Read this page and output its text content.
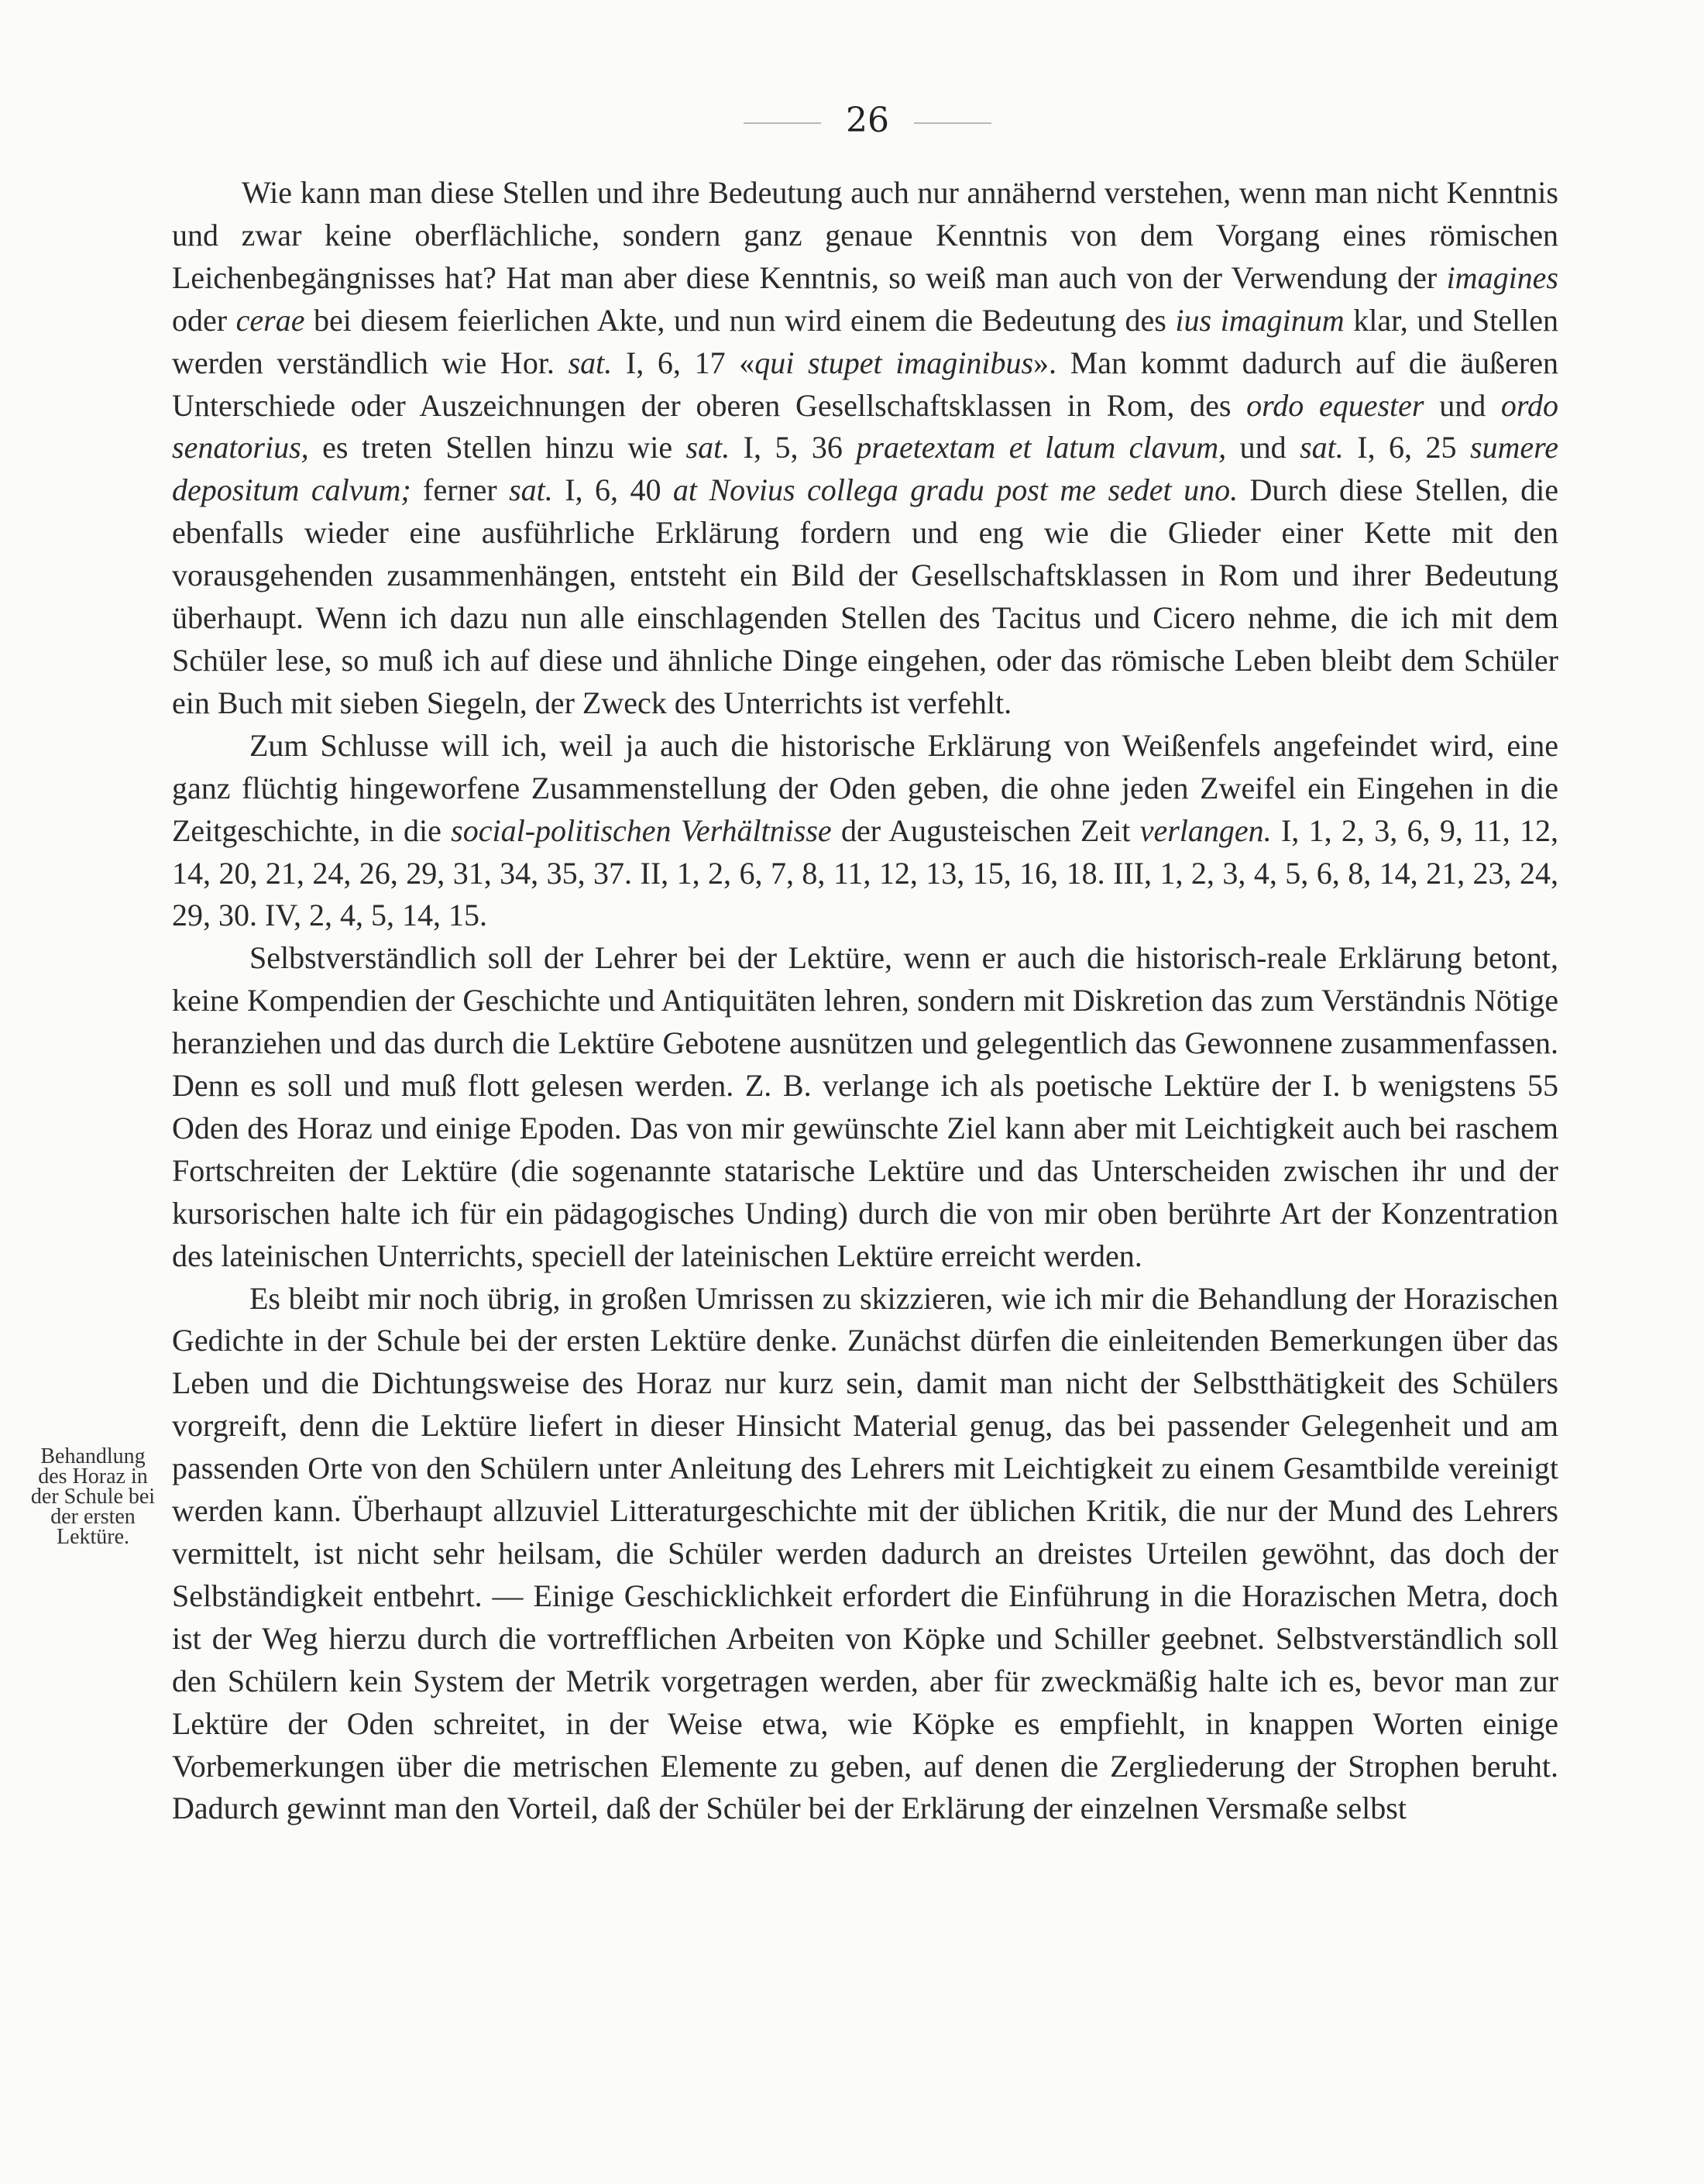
26

Wie kann man diese Stellen und ihre Bedeutung auch nur annähernd verstehen, wenn man nicht Kenntnis und zwar keine oberflächliche, sondern ganz genaue Kenntnis von dem Vorgang eines römischen Leichenbegängnisses hat? Hat man aber diese Kenntnis, so weiß man auch von der Verwendung der imagines oder cerae bei diesem feierlichen Akte, und nun wird einem die Bedeutung des ius imaginum klar, und Stellen werden verständlich wie Hor. sat. I, 6, 17 «qui stupet imaginibus». Man kommt dadurch auf die äußeren Unterschiede oder Auszeichnungen der oberen Gesellschaftsklassen in Rom, des ordo equester und ordo senatorius, es treten Stellen hinzu wie sat. I, 5, 36 praetextam et latum clavum, und sat. I, 6, 25 sumere depositum calvum; ferner sat. I, 6, 40 at Novius collega gradu post me sedet uno. Durch diese Stellen, die ebenfalls wieder eine ausführliche Erklärung fordern und eng wie die Glieder einer Kette mit den vorausgehenden zusammenhängen, entsteht ein Bild der Gesellschaftsklassen in Rom und ihrer Bedeutung überhaupt. Wenn ich dazu nun alle einschlagenden Stellen des Tacitus und Cicero nehme, die ich mit dem Schüler lese, so muß ich auf diese und ähnliche Dinge eingehen, oder das römische Leben bleibt dem Schüler ein Buch mit sieben Siegeln, der Zweck des Unterrichts ist verfehlt.

Zum Schlusse will ich, weil ja auch die historische Erklärung von Weißenfels angefeindet wird, eine ganz flüchtig hingeworfene Zusammenstellung der Oden geben, die ohne jeden Zweifel ein Eingehen in die Zeitgeschichte, in die social-politischen Verhältnisse der Augusteischen Zeit verlangen. I, 1, 2, 3, 6, 9, 11, 12, 14, 20, 21, 24, 26, 29, 31, 34, 35, 37. II, 1, 2, 6, 7, 8, 11, 12, 13, 15, 16, 18. III, 1, 2, 3, 4, 5, 6, 8, 14, 21, 23, 24, 29, 30. IV, 2, 4, 5, 14, 15.

Selbstverständlich soll der Lehrer bei der Lektüre, wenn er auch die historisch-reale Erklärung betont, keine Kompendien der Geschichte und Antiquitäten lehren, sondern mit Diskretion das zum Verständnis Nötige heranziehen und das durch die Lektüre Gebotene ausnützen und gelegentlich das Gewonnene zusammenfassen. Denn es soll und muß flott gelesen werden. Z. B. verlange ich als poetische Lektüre der I. b wenigstens 55 Oden des Horaz und einige Epoden. Das von mir gewünschte Ziel kann aber mit Leichtigkeit auch bei raschem Fortschreiten der Lektüre (die sogenannte statarische Lektüre und das Unterscheiden zwischen ihr und der kursorischen halte ich für ein pädagogisches Unding) durch die von mir oben berührte Art der Konzentration des lateinischen Unterrichts, speciell der lateinischen Lektüre erreicht werden.

Es bleibt mir noch übrig, in großen Umrissen zu skizzieren, wie ich mir die Behandlung der Horazischen Gedichte in der Schule bei der ersten Lektüre denke. Zunächst dürfen die einleitenden Bemerkungen über das Leben und die Dichtungsweise des Horaz nur kurz sein, damit man nicht der Selbstthätigkeit des Schülers vorgreift, denn die Lektüre liefert in dieser Hinsicht Material genug, das bei passender Gelegenheit und am passenden Orte von den Schülern unter Anleitung des Lehrers mit Leichtigkeit zu einem Gesamtbilde vereinigt werden kann. Überhaupt allzuviel Litteraturgeschichte mit der üblichen Kritik, die nur der Mund des Lehrers vermittelt, ist nicht sehr heilsam, die Schüler werden dadurch an dreistes Urteilen gewöhnt, das doch der Selbständigkeit entbehrt. — Einige Geschicklichkeit erfordert die Einführung in die Horazischen Metra, doch ist der Weg hierzu durch die vortrefflichen Arbeiten von Köpke und Schiller geebnet. Selbstverständlich soll den Schülern kein System der Metrik vorgetragen werden, aber für zweckmäßig halte ich es, bevor man zur Lektüre der Oden schreitet, in der Weise etwa, wie Köpke es empfiehlt, in knappen Worten einige Vorbemerkungen über die metrischen Elemente zu geben, auf denen die Zergliederung der Strophen beruht. Dadurch gewinnt man den Vorteil, daß der Schüler bei der Erklärung der einzelnen Versmaße selbst

Behandlung
des Horaz in
der Schule bei
der ersten
Lektüre.
